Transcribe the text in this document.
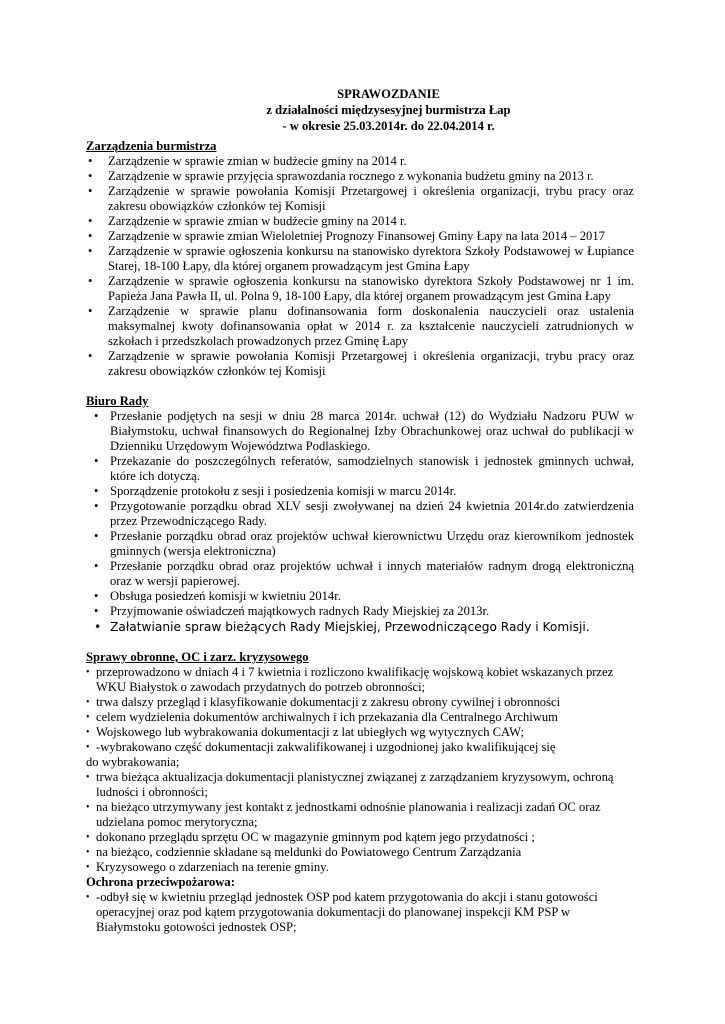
SPRAWOZDANIE
z działalności międzysesyjnej burmistrza Łap
- w okresie 25.03.2014r. do 22.04.2014 r.

Zarządzenia burmistrza

• Zarządzenie w sprawie zmian w budżecie gminy na 2014 r.
• Zarządzenie w sprawie przyjęcia sprawozdania rocznego z wykonania budżetu gminy na 2013 r.
• Zarządzenie w sprawie powołania Komisji Przetargowej i określenia organizacji, trybu pracy oraz zakresu obowiązków członków tej Komisji
• Zarządzenie w sprawie zmian w budżecie gminy na 2014 r.
• Zarządzenie w sprawie zmian Wieloletniej Prognozy Finansowej Gminy Łapy na lata 2014 – 2017
• Zarządzenie w sprawie ogłoszenia konkursu na stanowisko dyrektora Szkoły Podstawowej w Łupiance Starej, 18-100 Łapy, dla której organem prowadzącym jest Gmina Łapy
• Zarządzenie w sprawie ogłoszenia konkursu na stanowisko dyrektora Szkoły Podstawowej nr 1 im. Papieża Jana Pawła II, ul. Polna 9, 18-100 Łapy, dla której organem prowadzącym jest Gmina Łapy
• Zarządzenie w sprawie planu dofinansowania form doskonalenia nauczycieli oraz ustalenia maksymalnej kwoty dofinansowania opłat w 2014 r. za kształcenie nauczycieli zatrudnionych w szkołach i przedszkolach prowadzonych przez Gminę Łapy
• Zarządzenie w sprawie powołania Komisji Przetargowej i określenia organizacji, trybu pracy oraz zakresu obowiązków członków tej Komisji

Biuro Rady

• Przesłanie podjętych na sesji w dniu 28 marca 2014r. uchwał (12) do Wydziału Nadzoru PUW w Białymstoku, uchwał finansowych do Regionalnej Izby Obrachunkowej oraz uchwał do publikacji w Dzienniku Urzędowym Województwa Podlaskiego.
• Przekazanie do poszczególnych referatów, samodzielnych stanowisk i jednostek gminnych uchwał, które ich dotyczą.
• Sporządzenie protokołu z sesji i posiedzenia komisji w marcu 2014r.
• Przygotowanie porządku obrad XLV sesji zwoływanej na dzień 24 kwietnia 2014r.do zatwierdzenia przez Przewodniczącego Rady.
• Przesłanie porządku obrad oraz projektów uchwał kierownictwu Urzędu oraz kierownikom jednostek gminnych (wersja elektroniczna)
• Przesłanie porządku obrad oraz projektów uchwał i innych materiałów radnym drogą elektroniczną oraz w wersji papierowej.
• Obsługa posiedzeń komisji w kwietniu 2014r.
• Przyjmowanie oświadczeń majątkowych radnych Rady Miejskiej za 2013r.
• Załatwianie spraw bieżących Rady Miejskiej, Przewodniczącego Rady i Komisji.

Sprawy obronne, OC i zarz. kryzysowego

• przeprowadzono w dniach 4 i 7 kwietnia i rozliczono kwalifikację wojskową kobiet wskazanych przez WKU Białystok o zawodach przydatnych do potrzeb obronności;
• trwa dalszy przegląd i klasyfikowanie dokumentacji z zakresu obrony cywilnej i obronności
• celem wydzielenia dokumentów archiwalnych i ich przekazania dla Centralnego Archiwum
• Wojskowego lub wybrakowania dokumentacji z lat ubiegłych wg wytycznych CAW;
• -wybrakowano część dokumentacji zakwalifikowanej i uzgodnionej jako kwalifikującej się
do wybrakowania;
• trwa bieżąca aktualizacja dokumentacji planistycznej związanej z zarządzaniem kryzysowym, ochroną ludności i obronności;
• na bieżąco utrzymywany jest kontakt z jednostkami odnośnie planowania i realizacji zadań OC oraz udzielana pomoc merytoryczna;
• dokonano przeglądu sprzętu OC w magazynie gminnym pod kątem jego przydatności ;
• na bieżąco, codziennie składane są meldunki do Powiatowego Centrum Zarządzania
• Kryzysowego o zdarzeniach na terenie gminy.

Ochrona przeciwpożarowa:

• -odbył się w kwietniu przegląd jednostek OSP pod katem przygotowania do akcji i stanu gotowości operacyjnej oraz pod kątem przygotowania dokumentacji do planowanej inspekcji KM PSP w Białymstoku gotowości jednostek OSP;
